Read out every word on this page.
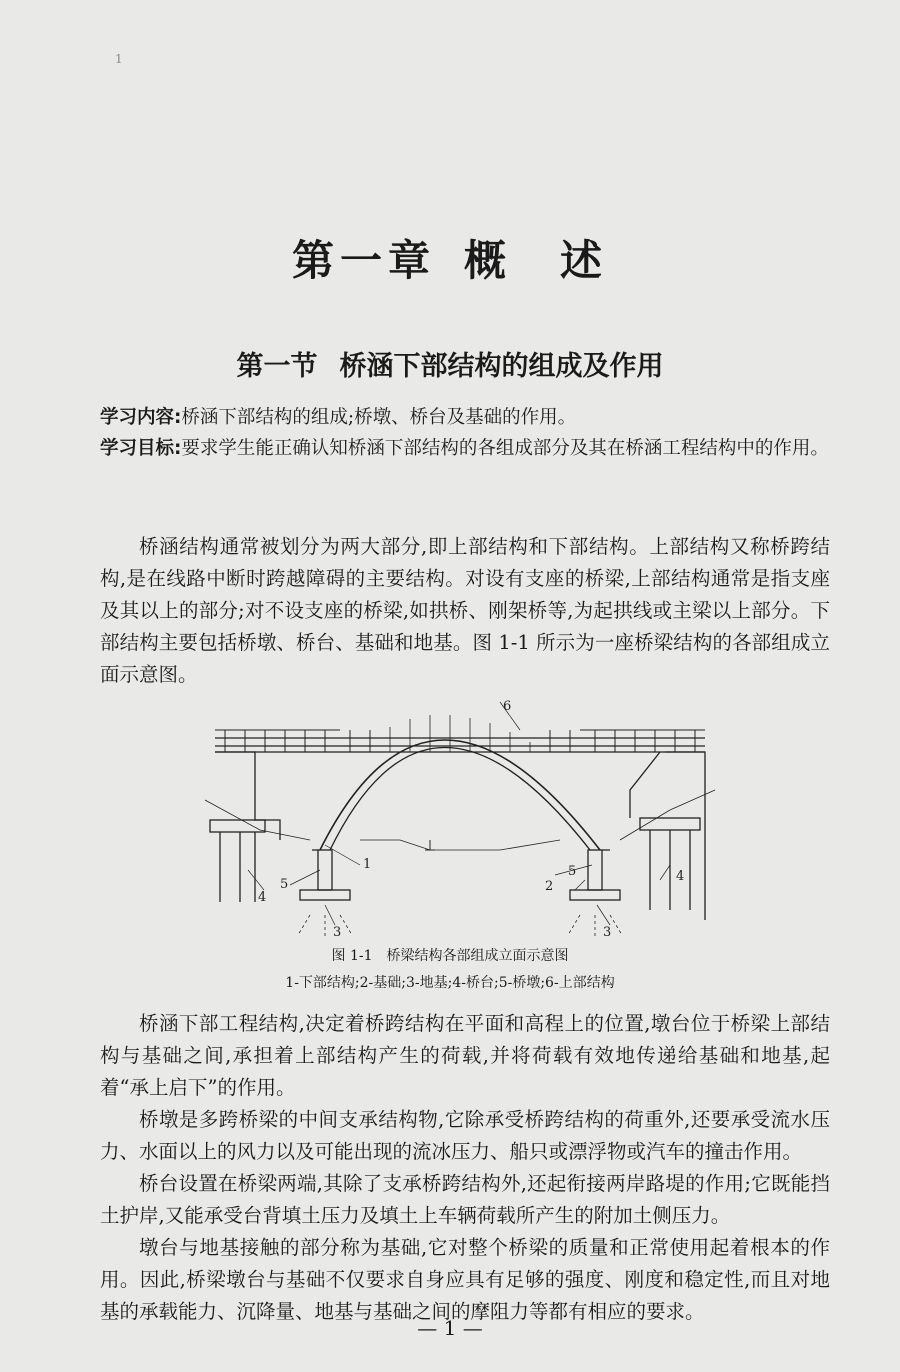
1
第一章 概　述
第一节 桥涵下部结构的组成及作用
学习内容:桥涵下部结构的组成;桥墩、桥台及基础的作用。
学习目标:要求学生能正确认知桥涵下部结构的各组成部分及其在桥涵工程结构中的作用。
桥涵结构通常被划分为两大部分,即上部结构和下部结构。上部结构又称桥跨结构,是在线路中断时跨越障碍的主要结构。对设有支座的桥梁,上部结构通常是指支座及其以上的部分;对不设支座的桥梁,如拱桥、刚架桥等,为起拱线或主梁以上部分。下部结构主要包括桥墩、桥台、基础和地基。图 1-1 所示为一座桥梁结构的各部组成立面示意图。
1
2
3	3
4
4
5
5
6
图 1-1　桥梁结构各部组成立面示意图
1-下部结构;2-基础;3-地基;4-桥台;5-桥墩;6-上部结构
桥涵下部工程结构,决定着桥跨结构在平面和高程上的位置,墩台位于桥梁上部结构与基础之间,承担着上部结构产生的荷载,并将荷载有效地传递给基础和地基,起着“承上启下”的作用。
桥墩是多跨桥梁的中间支承结构物,它除承受桥跨结构的荷重外,还要承受流水压力、水面以上的风力以及可能出现的流冰压力、船只或漂浮物或汽车的撞击作用。
桥台设置在桥梁两端,其除了支承桥跨结构外,还起衔接两岸路堤的作用;它既能挡土护岸,又能承受台背填土压力及填土上车辆荷载所产生的附加土侧压力。
墩台与地基接触的部分称为基础,它对整个桥梁的质量和正常使用起着根本的作用。因此,桥梁墩台与基础不仅要求自身应具有足够的强度、刚度和稳定性,而且对地基的承载能力、沉降量、地基与基础之间的摩阻力等都有相应的要求。
— 1 —
